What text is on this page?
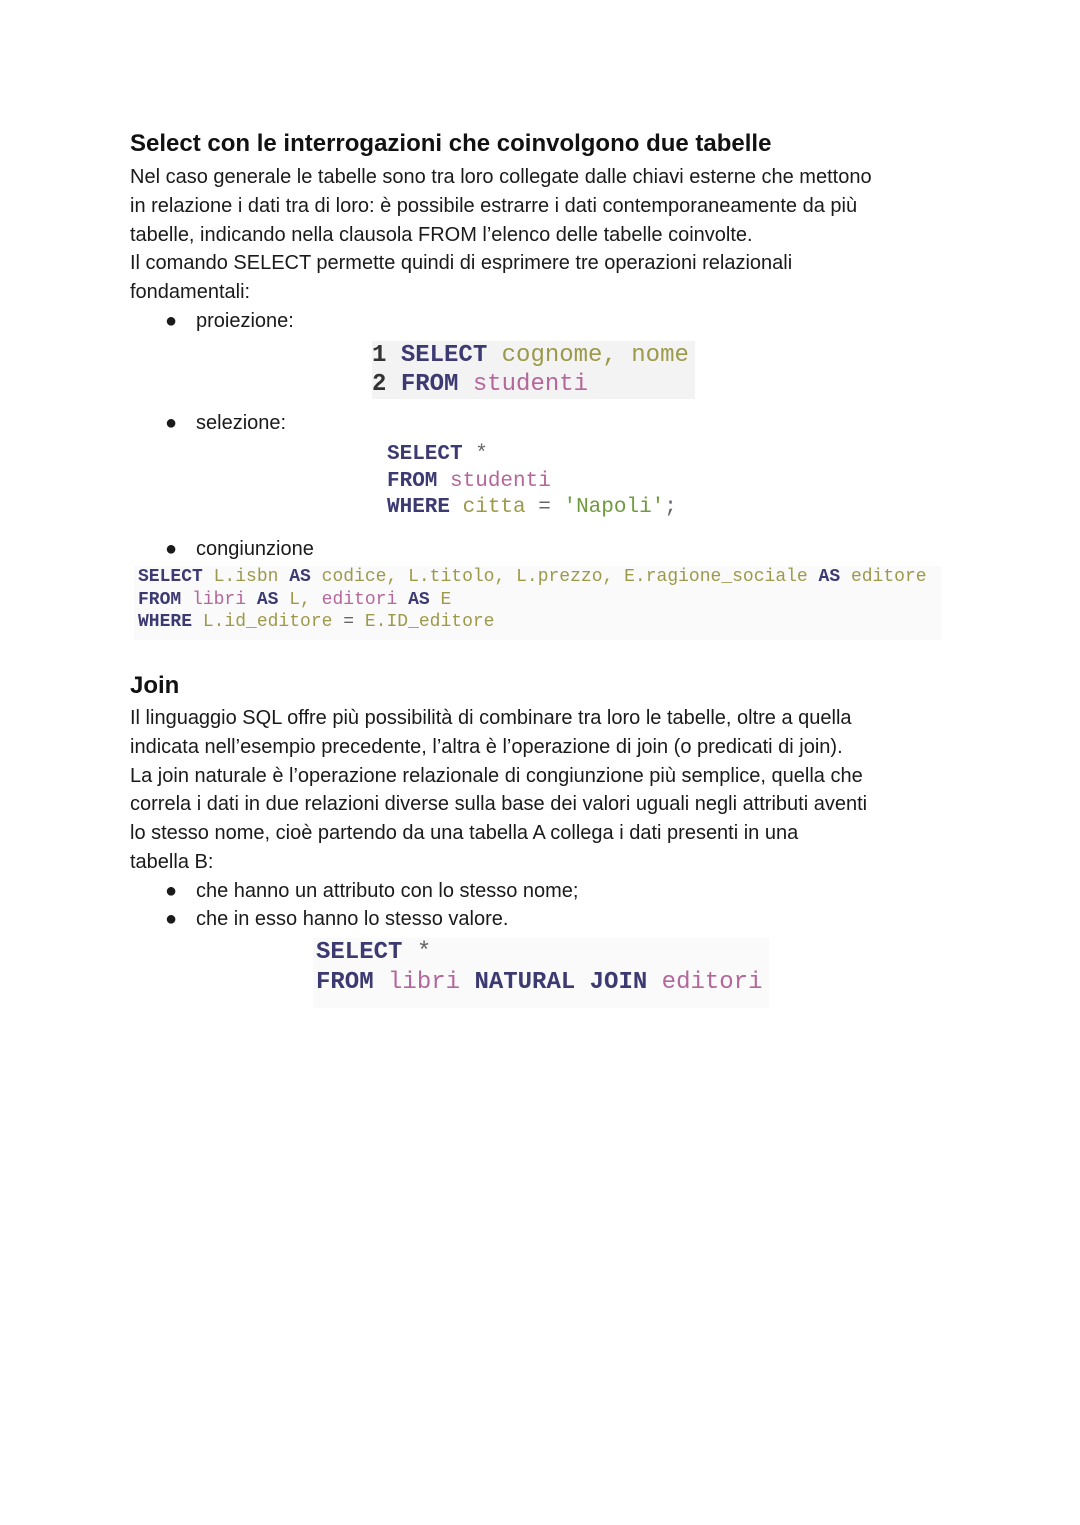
Select con le interrogazioni che coinvolgono due tabelle
Nel caso generale le tabelle sono tra loro collegate dalle chiavi esterne che mettono
in relazione i dati tra di loro: è possibile estrarre i dati contemporaneamente da più
tabelle, indicando nella clausola FROM l’elenco delle tabelle coinvolte.
Il comando SELECT permette quindi di esprimere tre operazioni relazionali
fondamentali:
● proiezione:
● selezione:
● congiunzione
1 SELECT cognome, nome
2 FROM studenti
SELECT *
FROM studenti
WHERE citta = 'Napoli';
SELECT L.isbn AS codice, L.titolo, L.prezzo, E.ragione_sociale AS editore
FROM libri AS L, editori AS E
WHERE L.id_editore = E.ID_editore
Join
Il linguaggio SQL offre più possibilità di combinare tra loro le tabelle, oltre a quella
indicata nell’esempio precedente, l’altra è l’operazione di join (o predicati di join).
La join naturale è l’operazione relazionale di congiunzione più semplice, quella che
correla i dati in due relazioni diverse sulla base dei valori uguali negli attributi aventi
lo stesso nome, cioè partendo da una tabella A collega i dati presenti in una
tabella B:
● che hanno un attributo con lo stesso nome;
● che in esso hanno lo stesso valore.
SELECT *
FROM libri NATURAL JOIN editori
